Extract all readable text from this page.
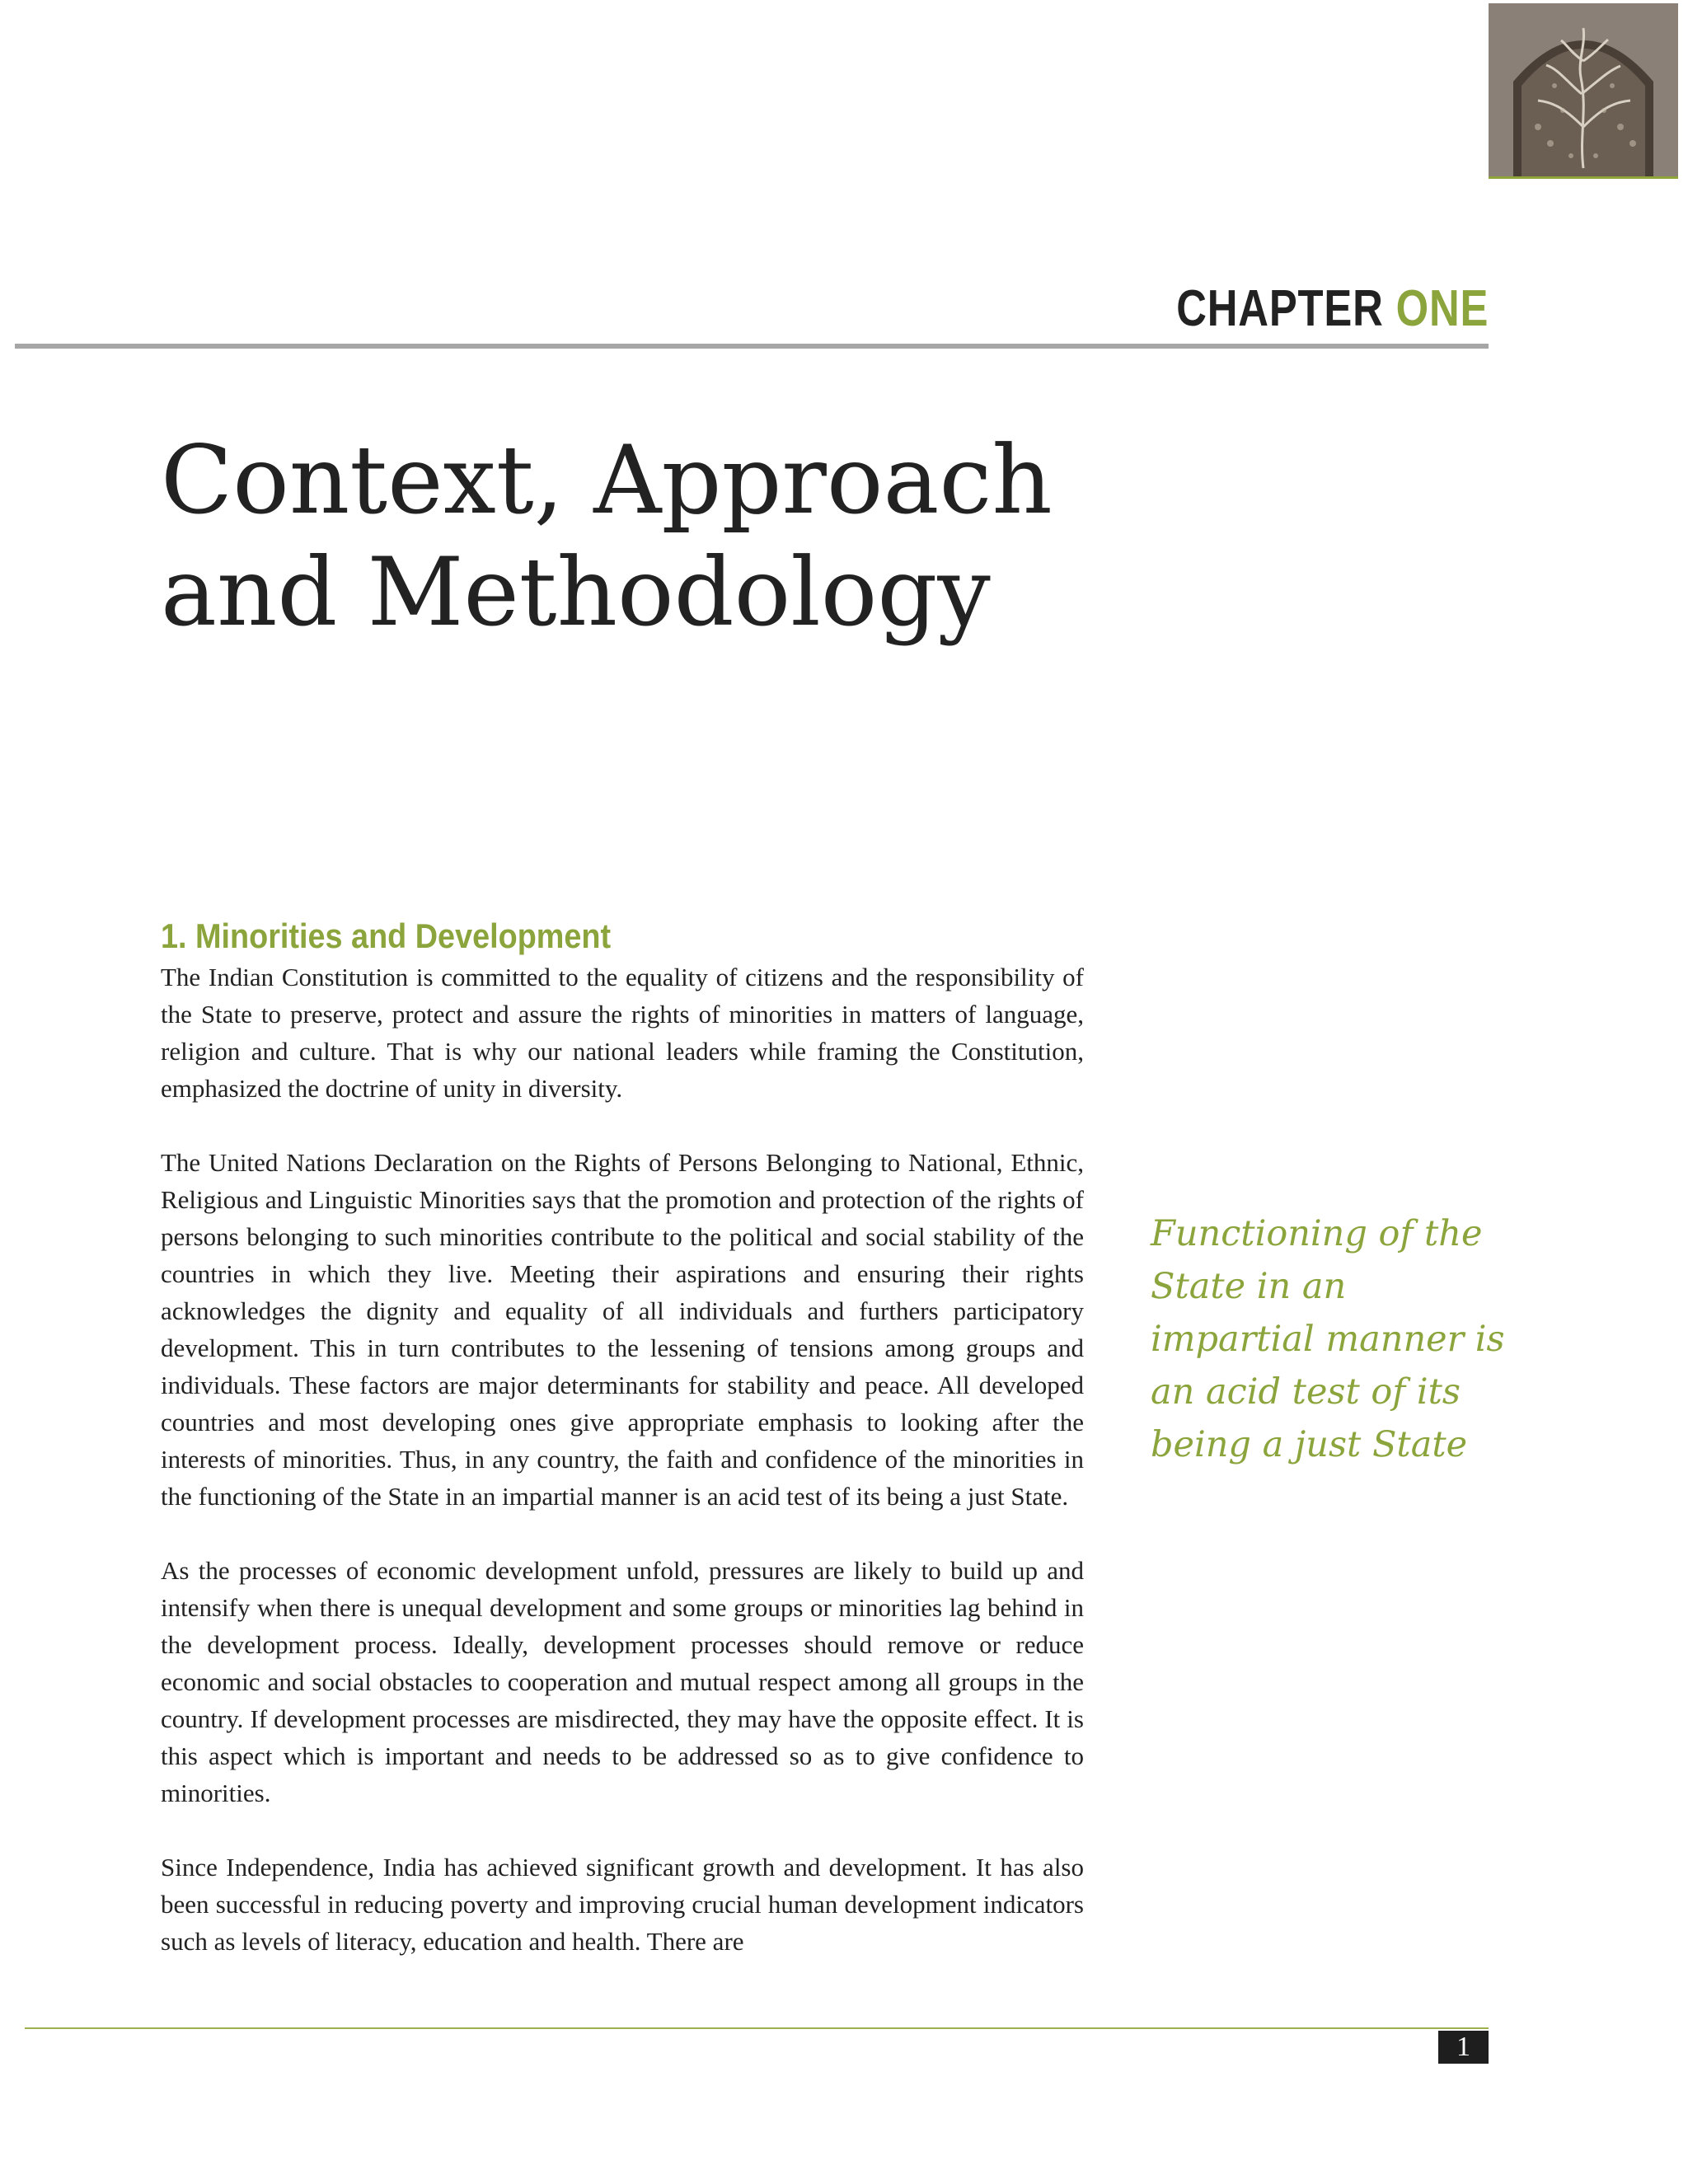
CHAPTER ONE
Context, Approach
and Methodology
1. Minorities and Development

The Indian Constitution is committed to the equality of citizens and the responsibility of the State to preserve, protect and assure the rights of minorities in matters of language, religion and culture. That is why our national leaders while framing the Constitution, emphasized the doctrine of unity in diversity.

The United Nations Declaration on the Rights of Persons Belonging to National, Ethnic, Religious and Linguistic Minorities says that the promotion and protection of the rights of persons belonging to such minorities contribute to the political and social stability of the countries in which they live. Meeting their aspirations and ensuring their rights acknowledges the dignity and equality of all individuals and furthers participatory development. This in turn contributes to the lessening of tensions among groups and individuals. These factors are major determinants for stability and peace. All developed countries and most developing ones give appropriate emphasis to looking after the interests of minorities. Thus, in any country, the faith and confidence of the minorities in the functioning of the State in an impartial manner is an acid test of its being a just State.

As the processes of economic development unfold, pressures are likely to build up and intensify when there is unequal development and some groups or minorities lag behind in the development process. Ideally, development processes should remove or reduce economic and social obstacles to cooperation and mutual respect among all groups in the country. If development processes are misdirected, they may have the opposite effect. It is this aspect which is important and needs to be addressed so as to give confidence to minorities.

Since Independence, India has achieved significant growth and development. It has also been successful in reducing poverty and improving crucial human development indicators such as levels of literacy, education and health. There are

Functioning of the
State in an
impartial manner is
an acid test of its
being a just State
1
